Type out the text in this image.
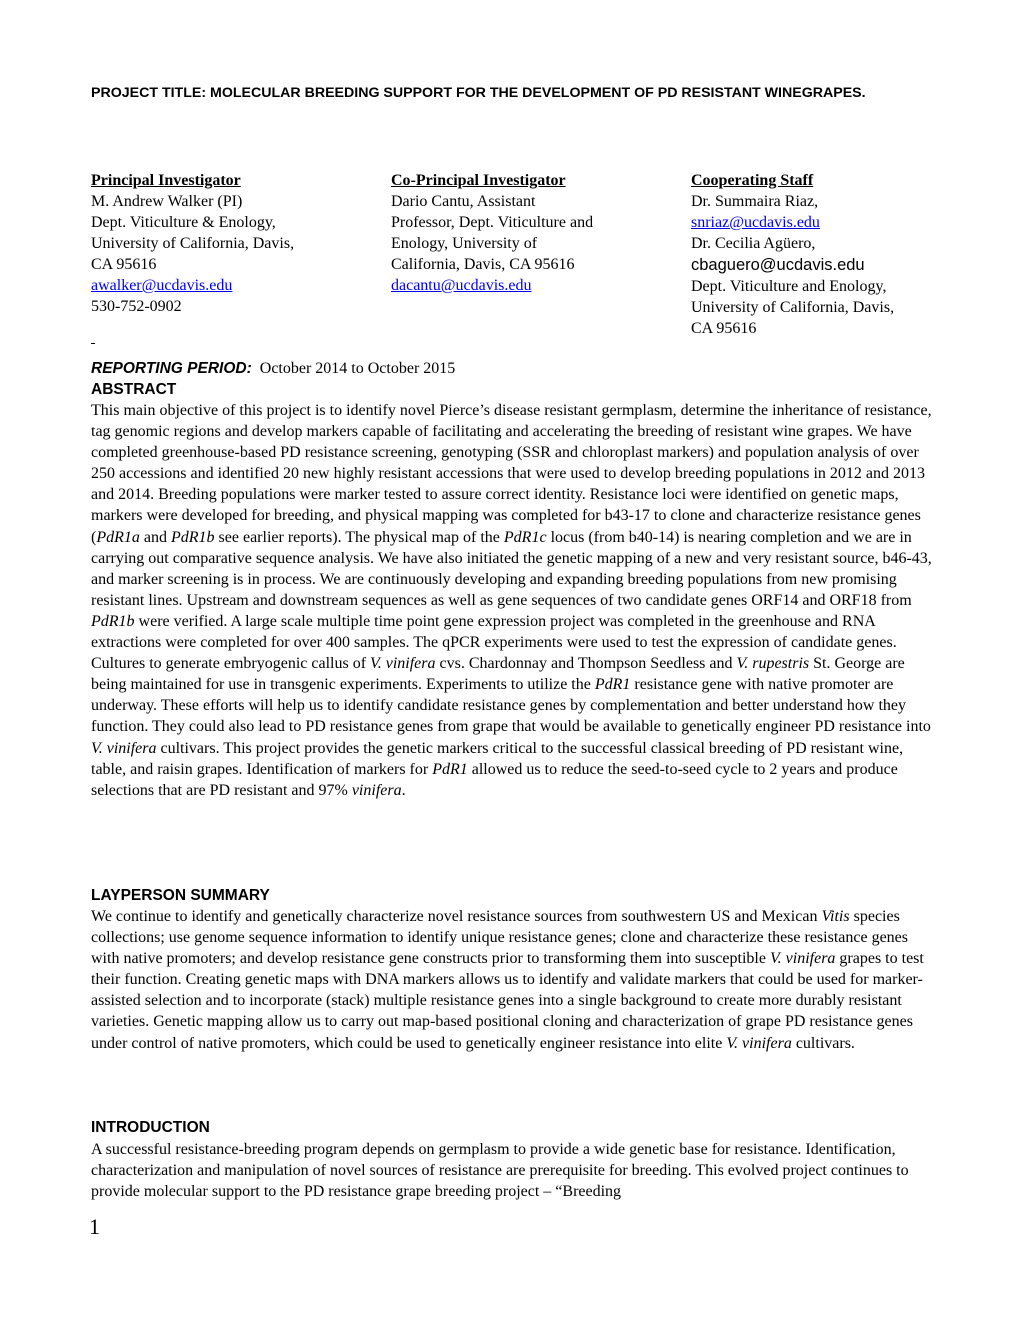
PROJECT TITLE: MOLECULAR BREEDING SUPPORT FOR THE DEVELOPMENT OF PD RESISTANT WINEGRAPES.
Principal Investigator
M. Andrew Walker (PI)
Dept. Viticulture & Enology,
University of California, Davis,
CA 95616
awalker@ucdavis.edu
530-752-0902
Co-Principal Investigator
Dario Cantu, Assistant
Professor, Dept. Viticulture and
Enology, University of
California, Davis, CA 95616
dacantu@ucdavis.edu
Cooperating Staff
Dr. Summaira Riaz,
snriaz@ucdavis.edu
Dr. Cecilia Agüero,
cbaguero@ucdavis.edu
Dept. Viticulture and Enology,
University of California, Davis,
CA 95616

REPORTING PERIOD:  October 2014 to October 2015

ABSTRACT

This main objective of this project is to identify novel Pierce’s disease resistant germplasm, determine the inheritance of resistance, tag genomic regions and develop markers capable of facilitating and accelerating the breeding of resistant wine grapes. We have completed greenhouse-based PD resistance screening, genotyping (SSR and chloroplast markers) and population analysis of over 250 accessions and identified 20 new highly resistant accessions that were used to develop breeding populations in 2012 and 2013 and 2014. Breeding populations were marker tested to assure correct identity. Resistance loci were identified on genetic maps, markers were developed for breeding, and physical mapping was completed for b43-17 to clone and characterize resistance genes (PdR1a and PdR1b see earlier reports). The physical map of the PdR1c locus (from b40-14) is nearing completion and we are in carrying out comparative sequence analysis. We have also initiated the genetic mapping of a new and very resistant source, b46-43, and marker screening is in process. We are continuously developing and expanding breeding populations from new promising resistant lines. Upstream and downstream sequences as well as gene sequences of two candidate genes ORF14 and ORF18 from PdR1b were verified. A large scale multiple time point gene expression project was completed in the greenhouse and RNA extractions were completed for over 400 samples. The qPCR experiments were used to test the expression of candidate genes. Cultures to generate embryogenic callus of V. vinifera cvs. Chardonnay and Thompson Seedless and V. rupestris St. George are being maintained for use in transgenic experiments. Experiments to utilize the PdR1 resistance gene with native promoter are underway. These efforts will help us to identify candidate resistance genes by complementation and better understand how they function. They could also lead to PD resistance genes from grape that would be available to genetically engineer PD resistance into V. vinifera cultivars. This project provides the genetic markers critical to the successful classical breeding of PD resistant wine, table, and raisin grapes. Identification of markers for PdR1 allowed us to reduce the seed-to-seed cycle to 2 years and produce selections that are PD resistant and 97% vinifera.

LAYPERSON SUMMARY

We continue to identify and genetically characterize novel resistance sources from southwestern US and Mexican Vitis species collections; use genome sequence information to identify unique resistance genes; clone and characterize these resistance genes with native promoters; and develop resistance gene constructs prior to transforming them into susceptible V. vinifera grapes to test their function. Creating genetic maps with DNA markers allows us to identify and validate markers that could be used for marker-assisted selection and to incorporate (stack) multiple resistance genes into a single background to create more durably resistant varieties. Genetic mapping allow us to carry out map-based positional cloning and characterization of grape PD resistance genes under control of native promoters, which could be used to genetically engineer resistance into elite V. vinifera cultivars.

INTRODUCTION

A successful resistance-breeding program depends on germplasm to provide a wide genetic base for resistance. Identification, characterization and manipulation of novel sources of resistance are prerequisite for breeding. This evolved project continues to provide molecular support to the PD resistance grape breeding project – “Breeding

1
